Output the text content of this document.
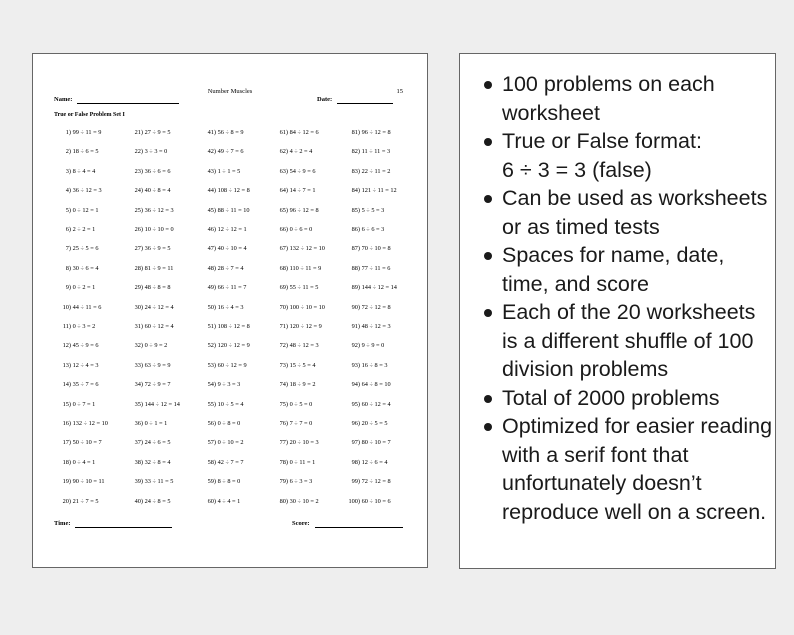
Number Muscles	15
Name:	Date:
True or False Problem Set I
1) 99 ÷ 11 = 9
2) 18 ÷ 6 = 5
3) 8 ÷ 4 = 4
4) 36 ÷ 12 = 3
5) 0 ÷ 12 = 1
6) 2 ÷ 2 = 1
7) 25 ÷ 5 = 6
8) 30 ÷ 6 = 4
9) 0 ÷ 2 = 1
10) 44 ÷ 11 = 6
11) 0 ÷ 3 = 2
12) 45 ÷ 9 = 6
13) 12 ÷ 4 = 3
14) 35 ÷ 7 = 6
15) 0 ÷ 7 = 1
16) 132 ÷ 12 = 10
17) 50 ÷ 10 = 7
18) 0 ÷ 4 = 1
19) 90 ÷ 10 = 11
20) 21 ÷ 7 = 5
21) 27 ÷ 9 = 5
22) 3 ÷ 3 = 0
23) 36 ÷ 6 = 6
24) 40 ÷ 8 = 4
25) 36 ÷ 12 = 3
26) 10 ÷ 10 = 0
27) 36 ÷ 9 = 5
28) 81 ÷ 9 = 11
29) 48 ÷ 8 = 8
30) 24 ÷ 12 = 4
31) 60 ÷ 12 = 4
32) 0 ÷ 9 = 2
33) 63 ÷ 9 = 9
34) 72 ÷ 9 = 7
35) 144 ÷ 12 = 14
36) 0 ÷ 1 = 1
37) 24 ÷ 6 = 5
38) 32 ÷ 8 = 4
39) 33 ÷ 11 = 5
40) 24 ÷ 8 = 5
41) 56 ÷ 8 = 9
42) 49 ÷ 7 = 6
43) 1 ÷ 1 = 5
44) 108 ÷ 12 = 8
45) 88 ÷ 11 = 10
46) 12 ÷ 12 = 1
47) 40 ÷ 10 = 4
48) 28 ÷ 7 = 4
49) 66 ÷ 11 = 7
50) 16 ÷ 4 = 3
51) 108 ÷ 12 = 8
52) 120 ÷ 12 = 9
53) 60 ÷ 12 = 9
54) 9 ÷ 3 = 3
55) 10 ÷ 5 = 4
56) 0 ÷ 8 = 0
57) 0 ÷ 10 = 2
58) 42 ÷ 7 = 7
59) 8 ÷ 8 = 0
60) 4 ÷ 4 = 1
61) 84 ÷ 12 = 6
62) 4 ÷ 2 = 4
63) 54 ÷ 9 = 6
64) 14 ÷ 7 = 1
65) 96 ÷ 12 = 8
66) 0 ÷ 6 = 0
67) 132 ÷ 12 = 10
68) 110 ÷ 11 = 9
69) 55 ÷ 11 = 5
70) 100 ÷ 10 = 10
71) 120 ÷ 12 = 9
72) 48 ÷ 12 = 3
73) 15 ÷ 5 = 4
74) 18 ÷ 9 = 2
75) 0 ÷ 5 = 0
76) 7 ÷ 7 = 0
77) 20 ÷ 10 = 3
78) 0 ÷ 11 = 1
79) 6 ÷ 3 = 3
80) 30 ÷ 10 = 2
81) 96 ÷ 12 = 8
82) 11 ÷ 11 = 3
83) 22 ÷ 11 = 2
84) 121 ÷ 11 = 12
85) 5 ÷ 5 = 3
86) 6 ÷ 6 = 3
87) 70 ÷ 10 = 8
88) 77 ÷ 11 = 6
89) 144 ÷ 12 = 14
90) 72 ÷ 12 = 8
91) 48 ÷ 12 = 3
92) 9 ÷ 9 = 0
93) 16 ÷ 8 = 3
94) 64 ÷ 8 = 10
95) 60 ÷ 12 = 4
96) 20 ÷ 5 = 5
97) 80 ÷ 10 = 7
98) 12 ÷ 6 = 4
99) 72 ÷ 12 = 8
100) 60 ÷ 10 = 6
Time:	Score:
100 problems on each worksheet
True or False format:
6 ÷ 3 = 3 (false)
Can be used as worksheets or as timed tests
Spaces for name, date, time, and score
Each of the 20 worksheets is a different shuffle of 100 division problems
Total of 2000 problems
Optimized for easier reading with a serif font that unfortunately doesn’t reproduce well on a screen.
